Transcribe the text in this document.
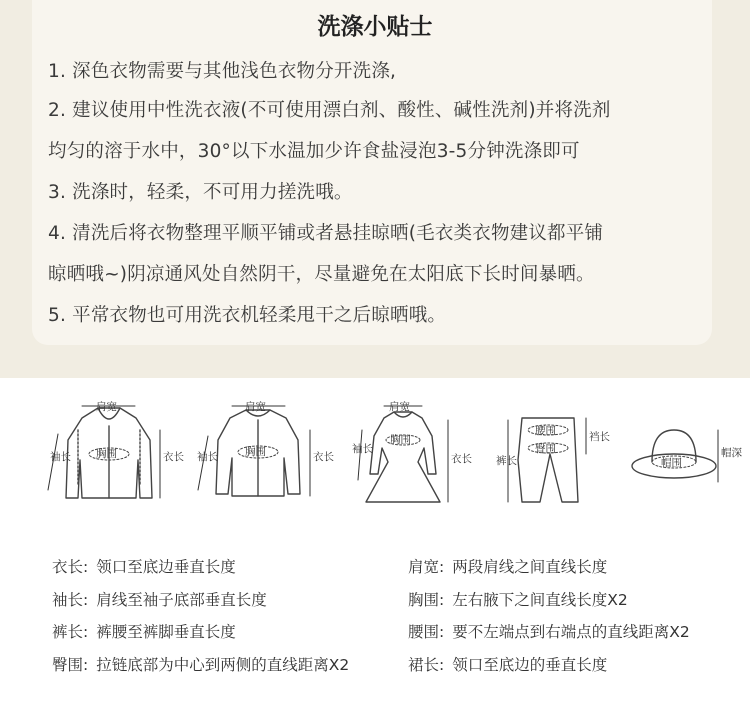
洗涤小贴士
1. 深色衣物需要与其他浅色衣物分开洗涤,
2. 建议使用中性洗衣液(不可使用漂白剂、酸性、碱性洗剂)并将洗剂
均匀的溶于水中，30°以下水温加少许食盐浸泡3-5分钟洗涤即可
3. 洗涤时，轻柔，不可用力搓洗哦。
4. 清洗后将衣物整理平顺平铺或者悬挂晾晒(毛衣类衣物建议都平铺
晾晒哦~)阴凉通风处自然阴干，尽量避免在太阳底下长时间暴晒。
5. 平常衣物也可用洗衣机轻柔甩干之后晾晒哦。
肩宽
胸围
袖长	衣长
肩宽
胸围
袖长	衣长
肩宽
胸围
袖长
衣长
腰围
臀围
裤长
裆长
帽围
帽深
衣长: 领口至底边垂直长度	肩宽: 两段肩线之间直线长度
袖长: 肩线至袖子底部垂直长度	胸围: 左右腋下之间直线长度X2
裤长: 裤腰至裤脚垂直长度	腰围: 要不左端点到右端点的直线距离X2
臀围: 拉链底部为中心到两侧的直线距离X2	裙长: 领口至底边的垂直长度
